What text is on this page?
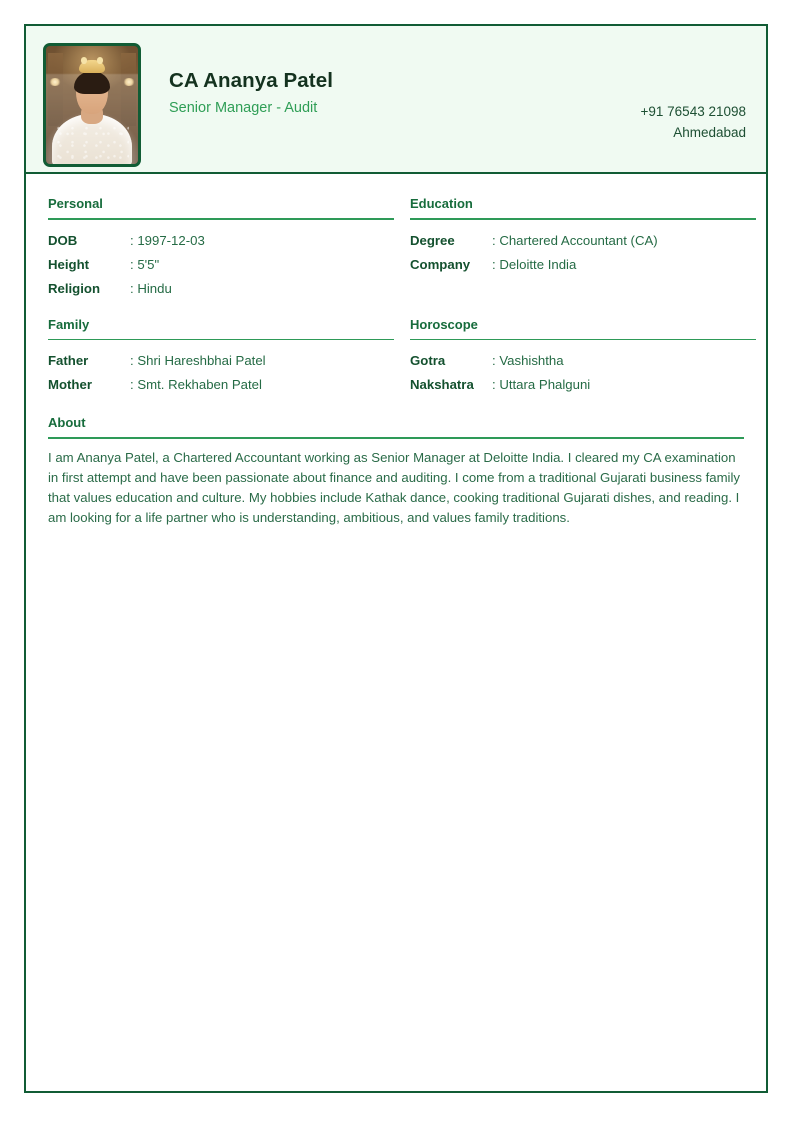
CA Ananya Patel

Senior Manager - Audit	+91 76543 21098
Ahmedabad
Personal
DOB	: 1997-12-03
Height	: 5'5"
Religion	: Hindu
Family
Father	: Shri Hareshbhai Patel
Mother	: Smt. Rekhaben Patel
Education
Degree	: Chartered Accountant (CA)
Company	: Deloitte India

Horoscope
Gotra	: Vashishtha
Nakshatra	: Uttara Phalguni
About

I am Ananya Patel, a Chartered Accountant working as Senior Manager at Deloitte India. I cleared my CA examination in first attempt and have been passionate about finance and auditing. I come from a traditional Gujarati business family that values education and culture. My hobbies include Kathak dance, cooking traditional Gujarati dishes, and reading. I am looking for a life partner who is understanding, ambitious, and values family traditions.
